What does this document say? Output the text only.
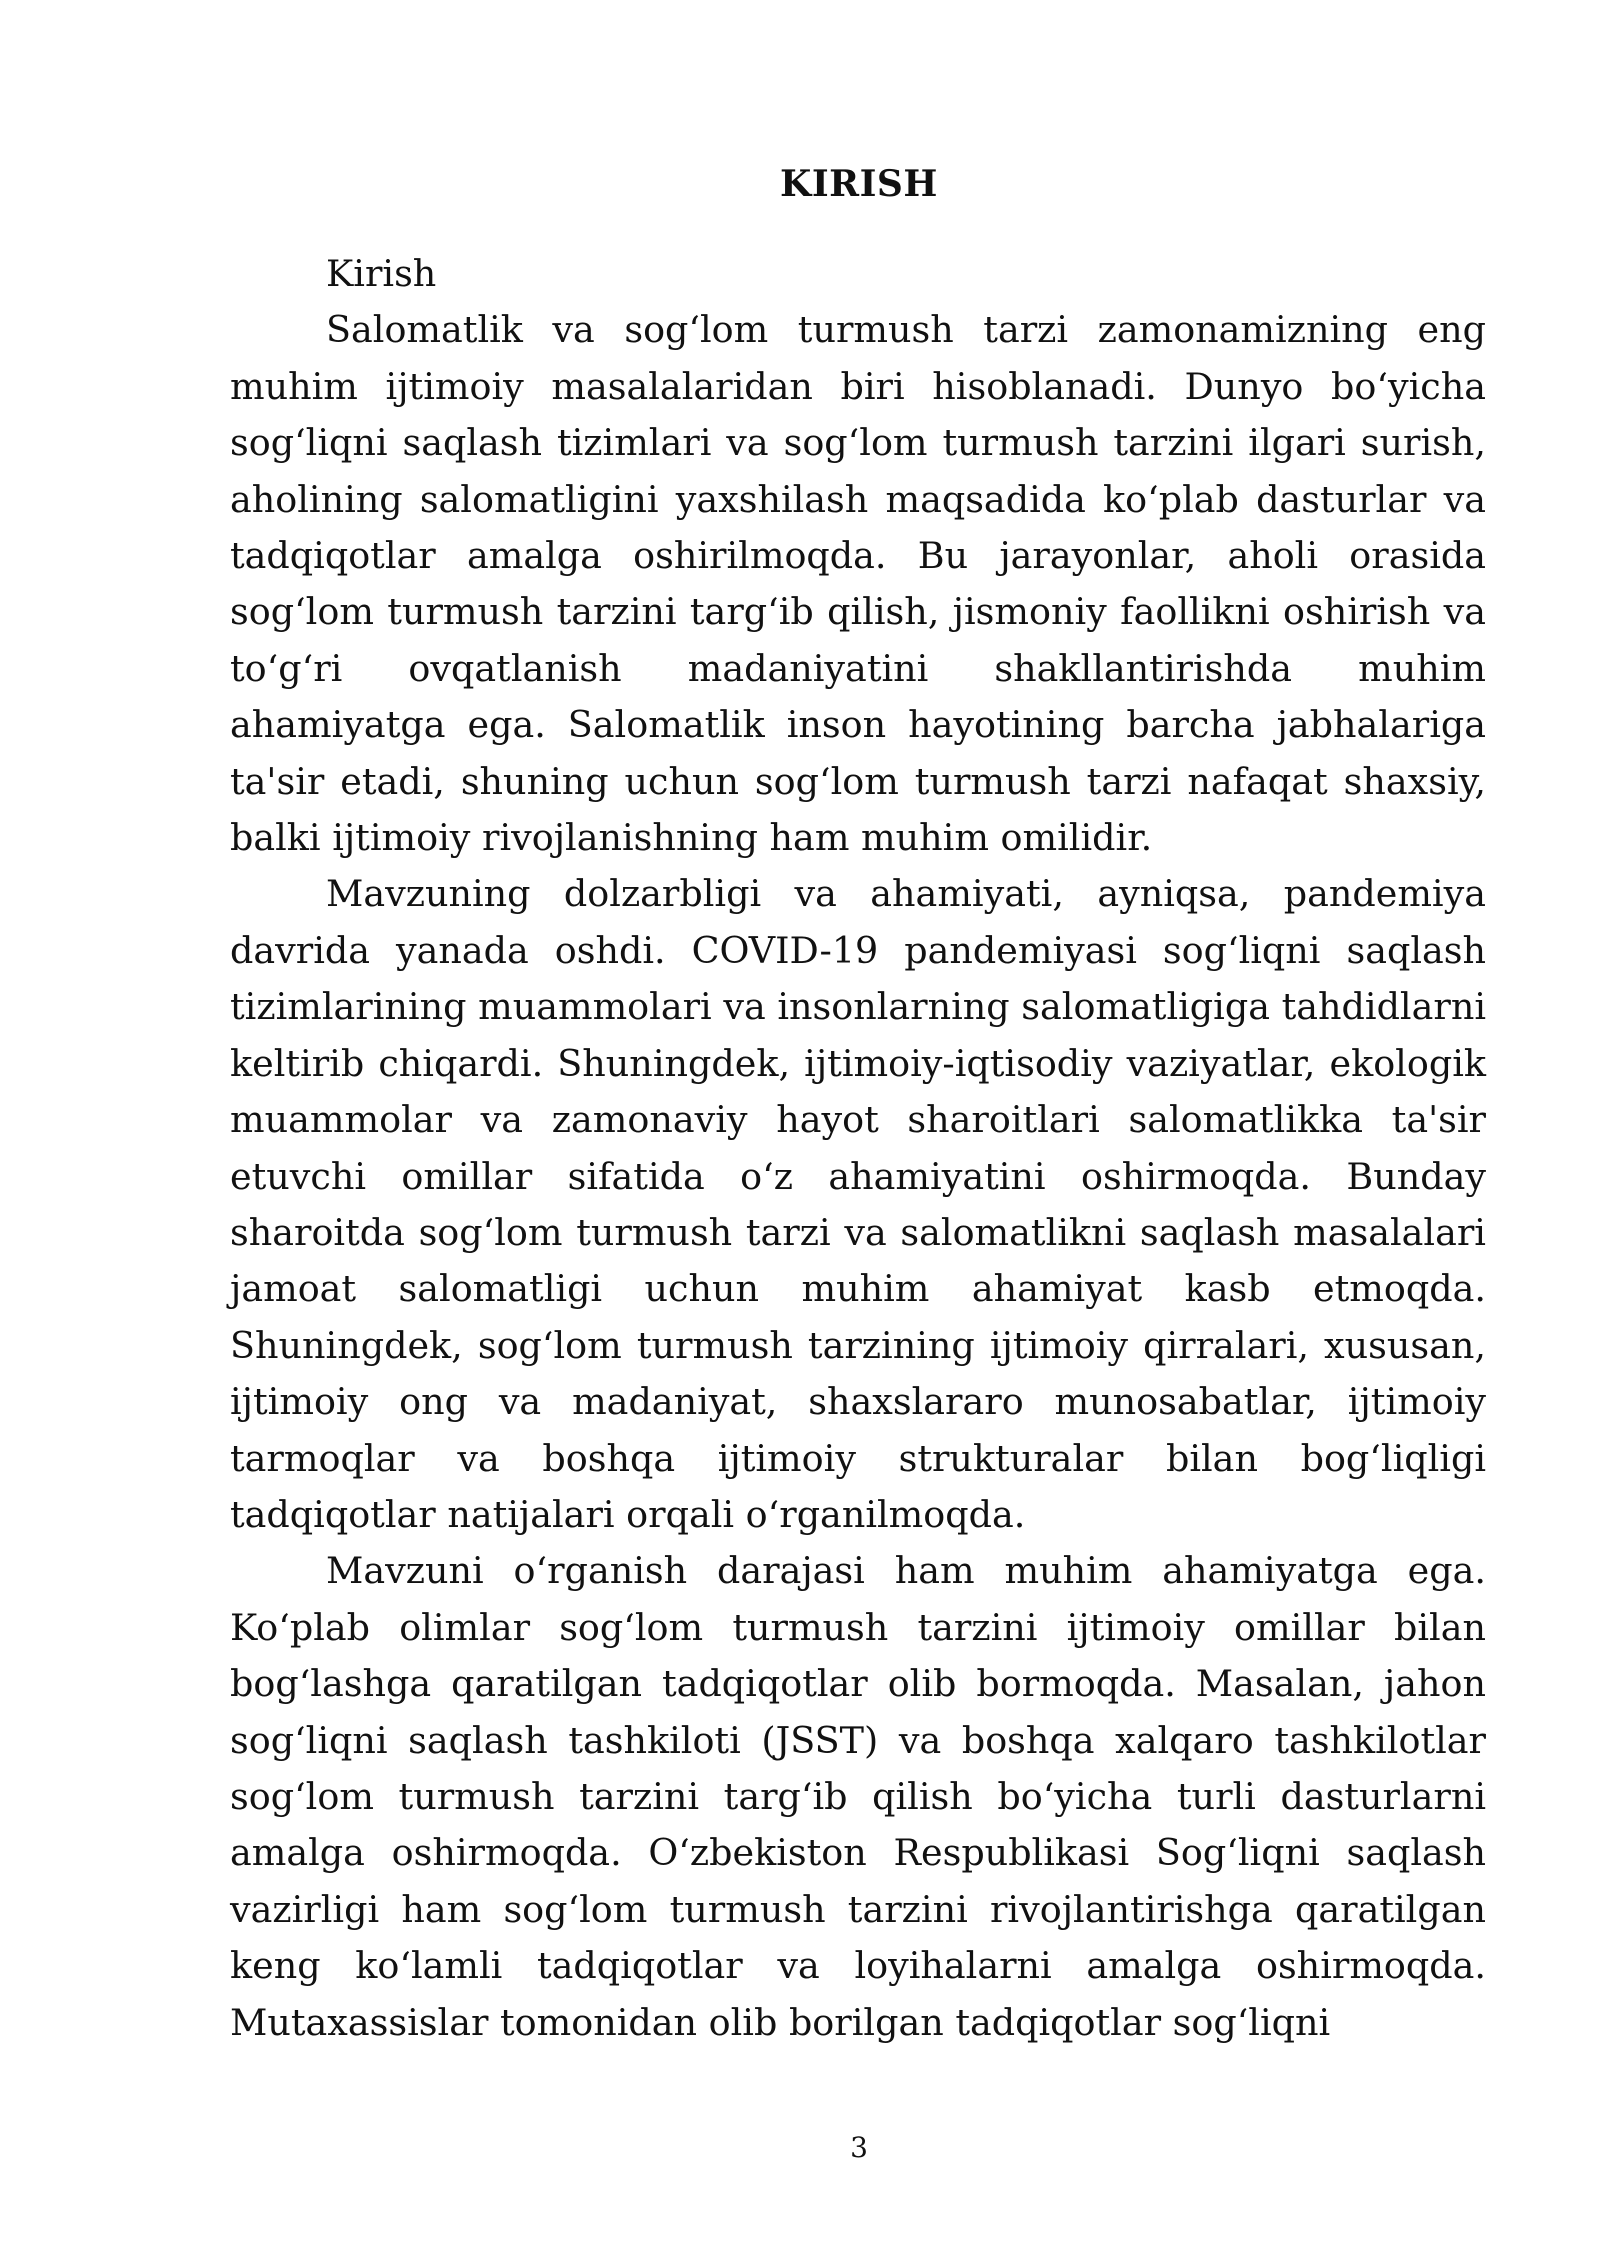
KIRISH

Kirish

Salomatlik va sog‘lom turmush tarzi zamonamizning eng muhim ijtimoiy masalalaridan biri hisoblanadi. Dunyo bo‘yicha sog‘liqni saqlash tizimlari va sog‘lom turmush tarzini ilgari surish, aholining salomatligini yaxshilash maqsadida ko‘plab dasturlar va tadqiqotlar amalga oshirilmoqda. Bu jarayonlar, aholi orasida sog‘lom turmush tarzini targ‘ib qilish, jismoniy faollikni oshirish va to‘g‘ri ovqatlanish madaniyatini shakllantirishda muhim ahamiyatga ega. Salomatlik inson hayotining barcha jabhalariga ta'sir etadi, shuning uchun sog‘lom turmush tarzi nafaqat shaxsiy, balki ijtimoiy rivojlanishning ham muhim omilidir.

Mavzuning dolzarbligi va ahamiyati, ayniqsa, pandemiya davrida yanada oshdi. COVID-19 pandemiyasi sog‘liqni saqlash tizimlarining muammolari va insonlarning salomatligiga tahdidlarni keltirib chiqardi. Shuningdek, ijtimoiy-iqtisodiy vaziyatlar, ekologik muammolar va zamonaviy hayot sharoitlari salomatlikka ta'sir etuvchi omillar sifatida o‘z ahamiyatini oshirmoqda. Bunday sharoitda sog‘lom turmush tarzi va salomatlikni saqlash masalalari jamoat salomatligi uchun muhim ahamiyat kasb etmoqda. Shuningdek, sog‘lom turmush tarzining ijtimoiy qirralari, xususan, ijtimoiy ong va madaniyat, shaxslararo munosabatlar, ijtimoiy tarmoqlar va boshqa ijtimoiy strukturalar bilan bog‘liqligi tadqiqotlar natijalari orqali o‘rganilmoqda.

Mavzuni o‘rganish darajasi ham muhim ahamiyatga ega. Ko‘plab olimlar sog‘lom turmush tarzini ijtimoiy omillar bilan bog‘lashga qaratilgan tadqiqotlar olib bormoqda. Masalan, jahon sog‘liqni saqlash tashkiloti (JSST) va boshqa xalqaro tashkilotlar sog‘lom turmush tarzini targ‘ib qilish bo‘yicha turli dasturlarni amalga oshirmoqda. O‘zbekiston Respublikasi Sog‘liqni saqlash vazirligi ham sog‘lom turmush tarzini rivojlantirishga qaratilgan keng ko‘lamli tadqiqotlar va loyihalarni amalga oshirmoqda. Mutaxassislar tomonidan olib borilgan tadqiqotlar sog‘liqni

3
